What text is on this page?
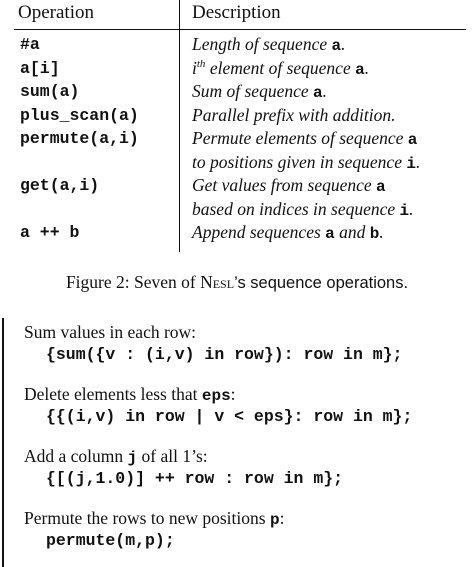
Operation	Description
#a	Length of sequence a.
a[i]	$i^{th}$ element of sequence a.
sum(a)	Sum of sequence a.
plus_scan(a)	Parallel prefix with addition.
permute(a,i)	Permute elements of sequence a
to positions given in sequence i.
get(a,i)	Get values from sequence a
based on indices in sequence i.
a ++ b	Append sequences a and b.
Figure 2: Seven of Nesl’s sequence operations.
Sum values in each row:
{sum({v : (i,v) in row}): row in m};
Delete elements less that eps:
{{(i,v) in row | v < eps}: row in m};
Add a column j of all 1’s:
{[(j,1.0)] ++ row : row in m};
Permute the rows to new positions p:
permute(m,p);
